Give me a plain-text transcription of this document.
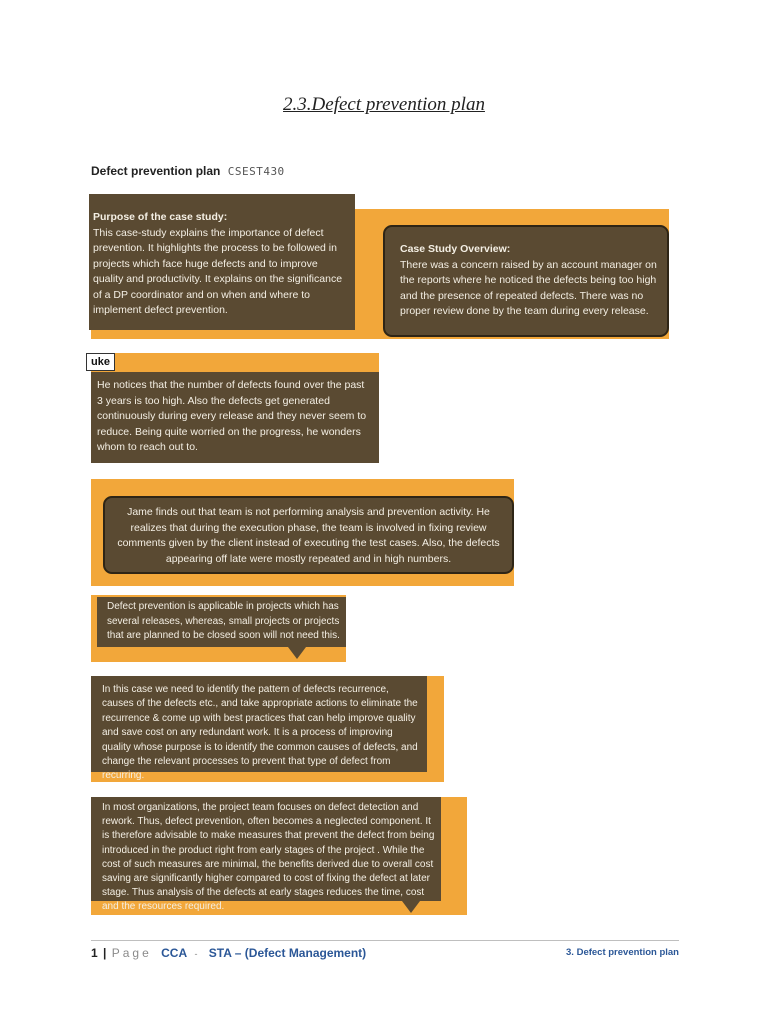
2.3.Defect prevention plan
Defect prevention plan CSEST430
Purpose of the case study:
This case-study explains the importance of defect prevention. It highlights the process to be followed in projects which face huge defects and to improve quality and productivity. It explains on the significance of a DP coordinator and on when and where to implement defect prevention.
Case Study Overview:
There was a concern raised by an account manager on the reports where he noticed the defects being too high and the presence of repeated defects. There was no proper review done by the team during every release.
uke
He notices that the number of defects found over the past 3 years is too high. Also the defects get generated continuously during every release and they never seem to reduce. Being quite worried on the progress, he wonders whom to reach out to.
Jame finds out that team is not performing analysis and prevention activity. He realizes that during the execution phase, the team is involved in fixing review comments given by the client instead of executing the test cases. Also, the defects appearing off late were mostly repeated and in high numbers.
Defect prevention is applicable in projects which has several releases, whereas, small projects or projects that are planned to be closed soon will not need this.
In this case we need to identify the pattern of defects recurrence, causes of the defects etc., and take appropriate actions to eliminate the recurrence & come up with best practices that can help improve quality and save cost on any redundant work. It is a process of improving quality whose purpose is to identify the common causes of defects, and change the relevant processes to prevent that type of defect from recurring.
In most organizations, the project team focuses on defect detection and rework. Thus, defect prevention, often becomes a neglected component. It is therefore advisable to make measures that prevent the defect from being introduced in the product right from early stages of the project . While the cost of such measures are minimal, the benefits derived due to overall cost saving are significantly higher compared to cost of fixing the defect at later stage. Thus analysis of the defects at early stages reduces the time, cost and the resources required.
1 | Page CCA - STA – (Defect Management)	3. Defect prevention plan
